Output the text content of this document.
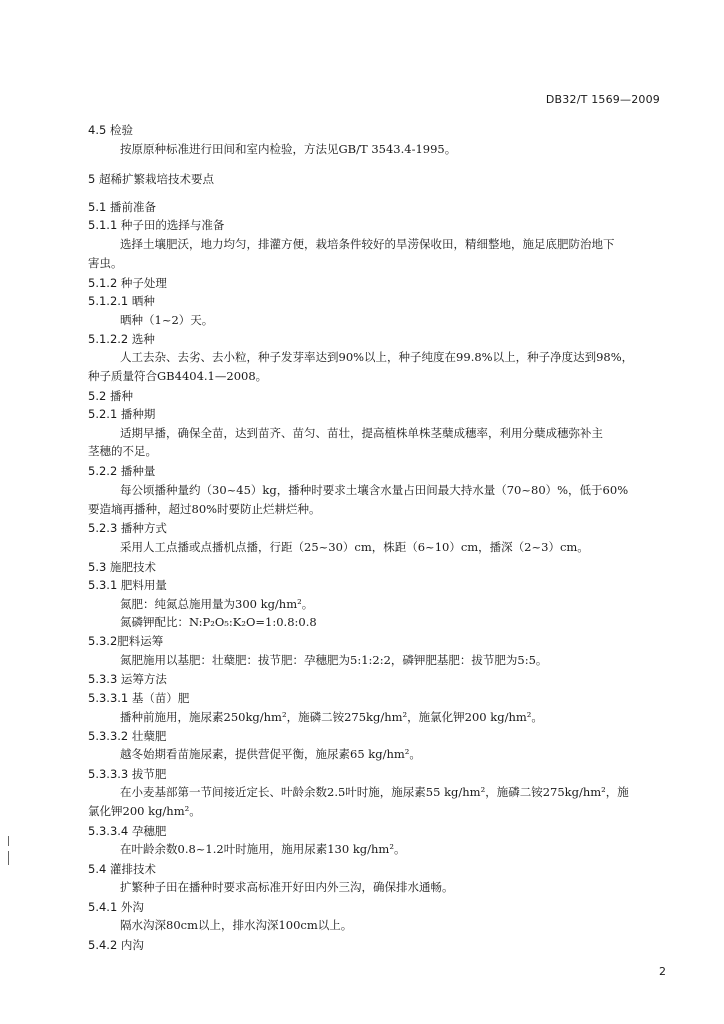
DB32/T 1569—2009
4.5 检验
按原原种标准进行田间和室内检验，方法见GB/T 3543.4-1995。
5 超稀扩繁栽培技术要点
5.1 播前准备
5.1.1 种子田的选择与准备
选择土壤肥沃，地力均匀，排灌方便，栽培条件较好的旱涝保收田，精细整地，施足底肥防治地下
害虫。
5.1.2 种子处理
5.1.2.1 晒种
晒种（1~2）天。
5.1.2.2 选种
人工去杂、去劣、去小粒，种子发芽率达到90%以上，种子纯度在99.8%以上，种子净度达到98%，
种子质量符合GB4404.1—2008。
5.2 播种
5.2.1 播种期
适期早播，确保全苗，达到苗齐、苗匀、苗壮，提高植株单株茎蘖成穗率，利用分蘖成穗弥补主
茎穗的不足。
5.2.2 播种量
每公顷播种量约（30~45）kg，播种时要求土壤含水量占田间最大持水量（70~80）%，低于60%
要造墒再播种，超过80%时要防止烂耕烂种。
5.2.3 播种方式
采用人工点播或点播机点播，行距（25~30）cm，株距（6~10）cm，播深（2~3）cm。
5.3 施肥技术
5.3.1 肥料用量
氮肥：纯氮总施用量为300 kg/hm²。
氮磷钾配比：N:P₂O₅:K₂O=1:0.8:0.8
5.3.2肥料运筹
氮肥施用以基肥：壮蘖肥：拔节肥：孕穗肥为5:1:2:2，磷钾肥基肥：拔节肥为5:5。
5.3.3 运筹方法
5.3.3.1 基（苗）肥
播种前施用，施尿素250kg/hm²，施磷二铵275kg/hm²，施氯化钾200 kg/hm²。
5.3.3.2 壮蘖肥
越冬始期看苗施尿素，提供营促平衡，施尿素65 kg/hm²。
5.3.3.3 拔节肥
在小麦基部第一节间接近定长、叶龄余数2.5叶时施，施尿素55 kg/hm²，施磷二铵275kg/hm²，施
氯化钾200 kg/hm²。
5.3.3.4 孕穗肥
在叶龄余数0.8~1.2叶时施用，施用尿素130 kg/hm²。
5.4 灌排技术
扩繁种子田在播种时要求高标准开好田内外三沟，确保排水通畅。
5.4.1 外沟
隔水沟深80cm以上，排水沟深100cm以上。
5.4.2 内沟
2
